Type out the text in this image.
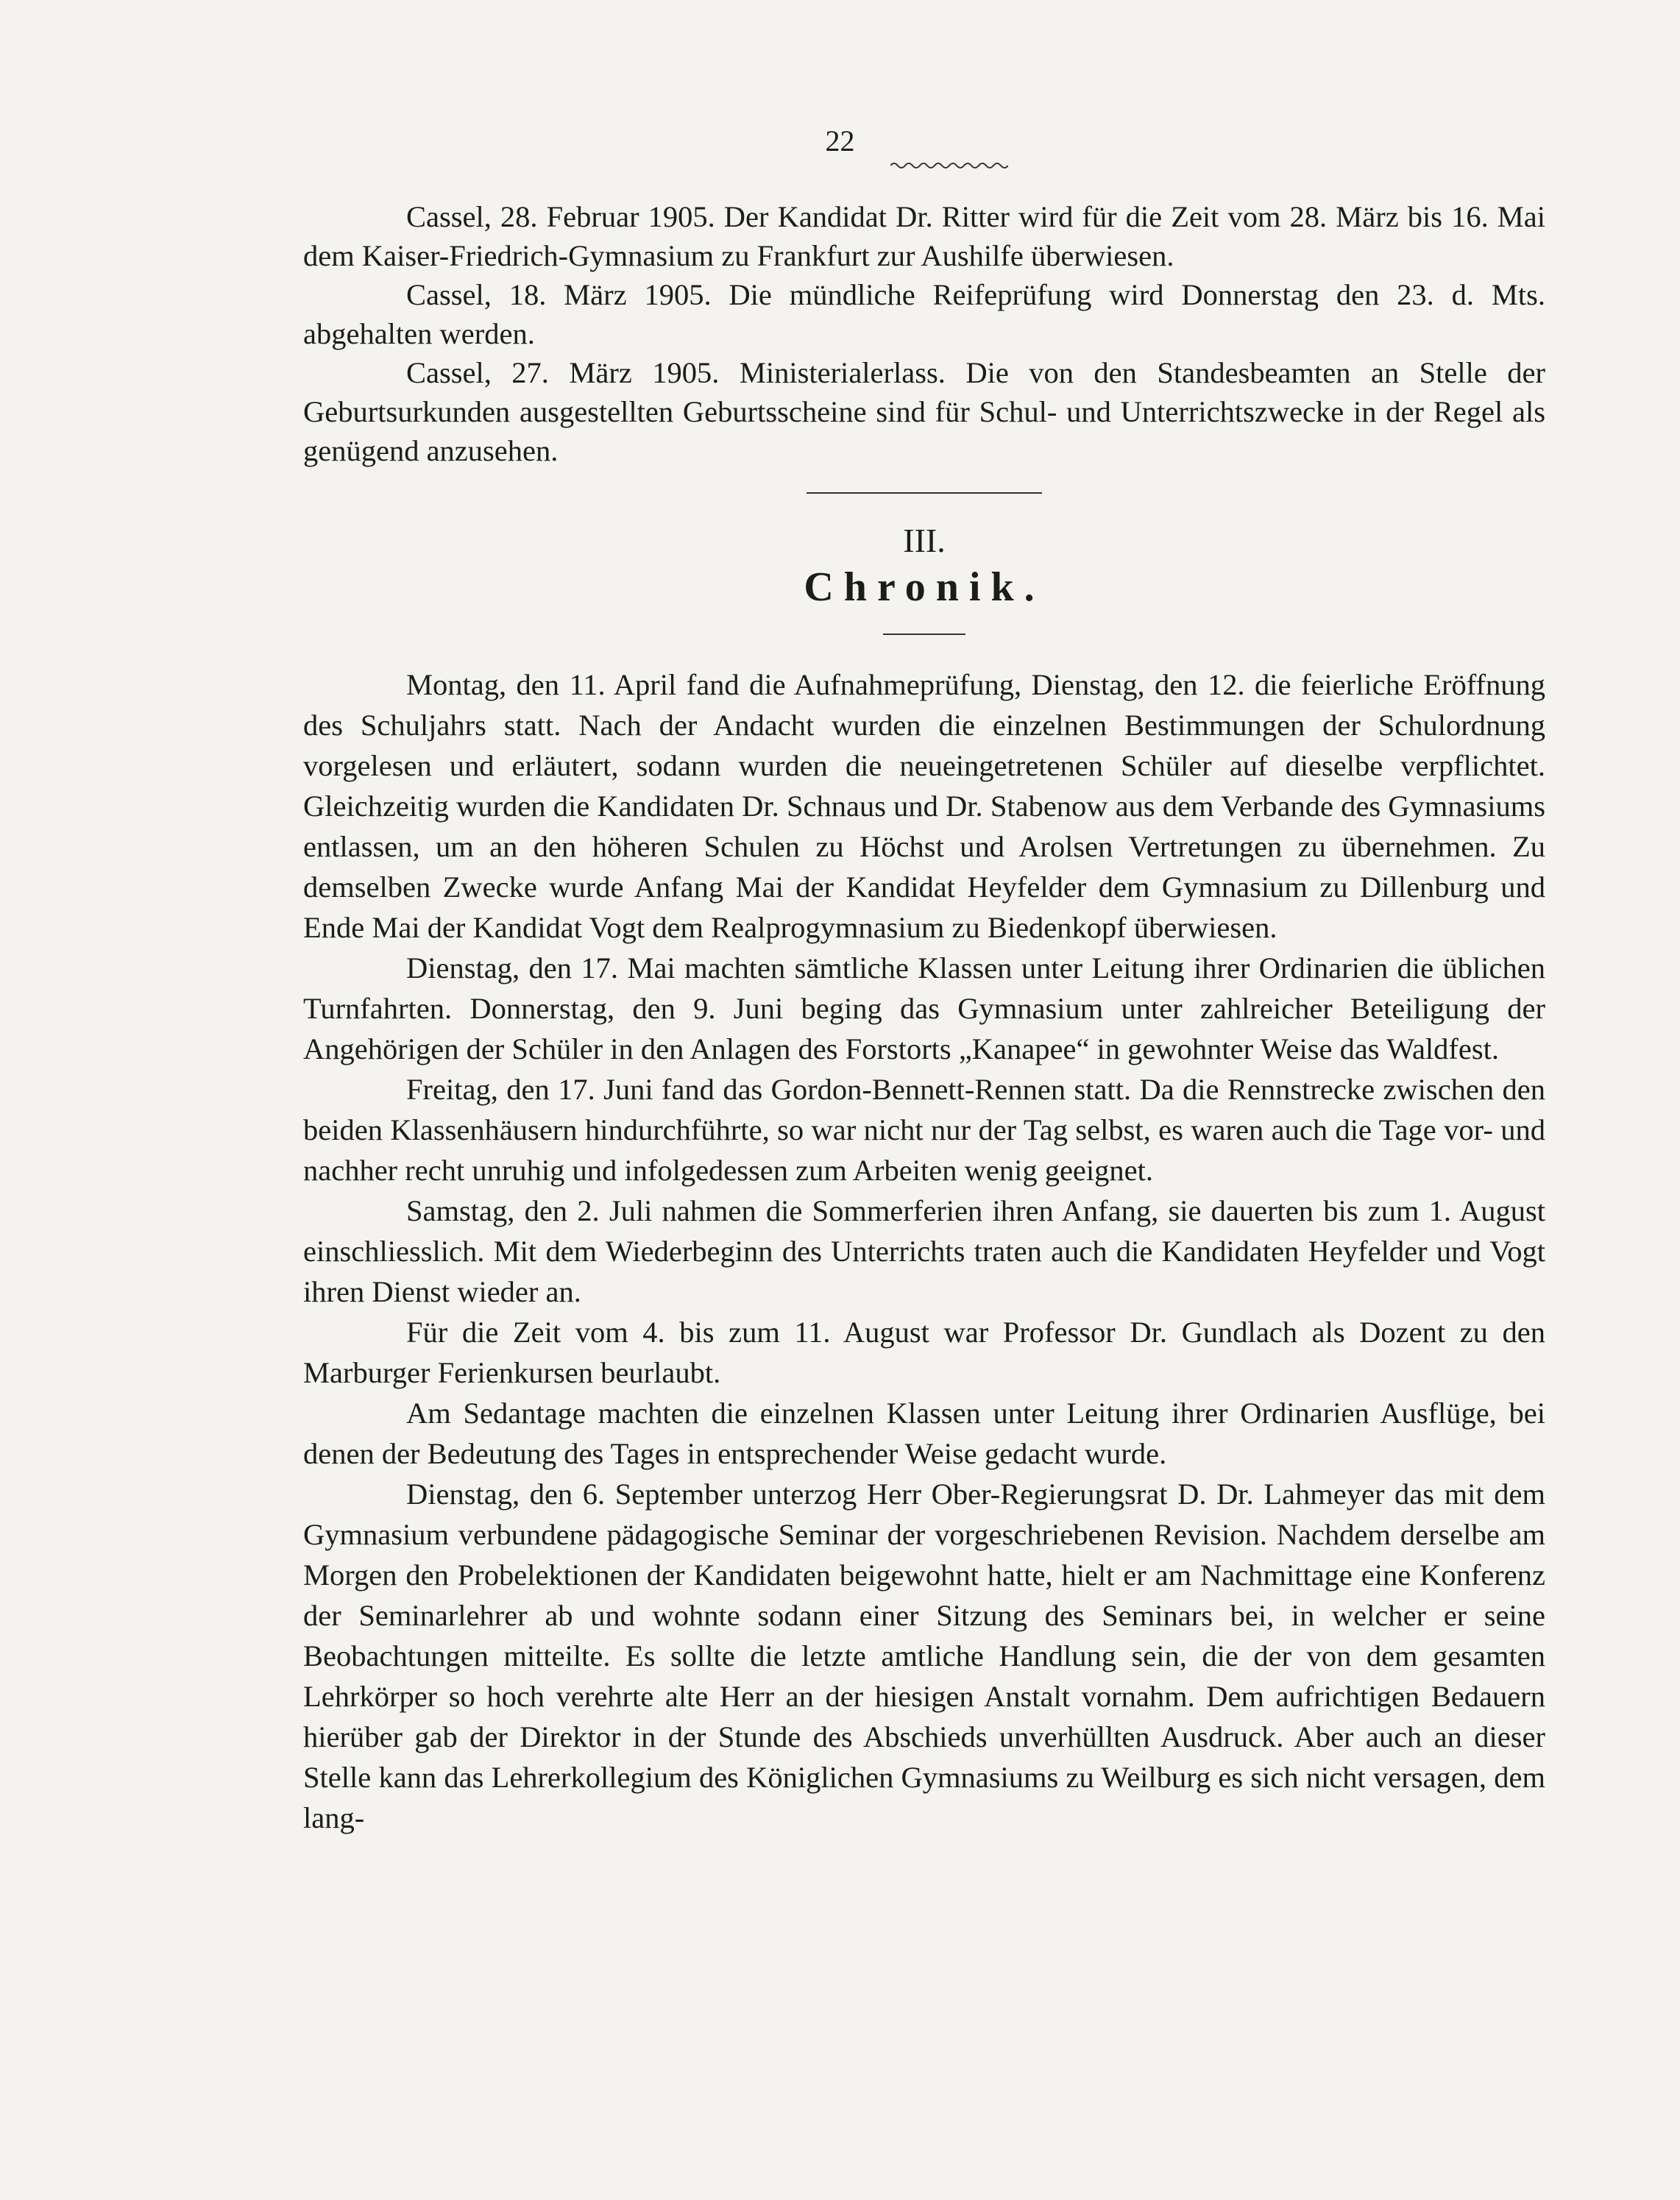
22

Cassel, 28. Februar 1905. Der Kandidat Dr. Ritter wird für die Zeit vom 28. März bis 16. Mai dem Kaiser-Friedrich-Gymnasium zu Frankfurt zur Aushilfe überwiesen.

Cassel, 18. März 1905. Die mündliche Reifeprüfung wird Donnerstag den 23. d. Mts. abgehalten werden.

Cassel, 27. März 1905. Ministerialerlass. Die von den Standesbeamten an Stelle der Geburtsurkunden ausgestellten Geburtsscheine sind für Schul- und Unterrichtszwecke in der Regel als genügend anzusehen.

III.
Chronik.

Montag, den 11. April fand die Aufnahmeprüfung, Dienstag, den 12. die feierliche Eröffnung des Schuljahrs statt. Nach der Andacht wurden die einzelnen Bestimmungen der Schulordnung vorgelesen und erläutert, sodann wurden die neueingetretenen Schüler auf dieselbe verpflichtet. Gleichzeitig wurden die Kandidaten Dr. Schnaus und Dr. Stabenow aus dem Verbande des Gymnasiums entlassen, um an den höheren Schulen zu Höchst und Arolsen Vertretungen zu übernehmen. Zu demselben Zwecke wurde Anfang Mai der Kandidat Heyfelder dem Gymnasium zu Dillenburg und Ende Mai der Kandidat Vogt dem Realprogymnasium zu Biedenkopf überwiesen.

Dienstag, den 17. Mai machten sämtliche Klassen unter Leitung ihrer Ordinarien die üblichen Turnfahrten. Donnerstag, den 9. Juni beging das Gymnasium unter zahlreicher Beteiligung der Angehörigen der Schüler in den Anlagen des Forstorts „Kanapee“ in gewohnter Weise das Waldfest.

Freitag, den 17. Juni fand das Gordon-Bennett-Rennen statt. Da die Rennstrecke zwischen den beiden Klassenhäusern hindurchführte, so war nicht nur der Tag selbst, es waren auch die Tage vor- und nachher recht unruhig und infolgedessen zum Arbeiten wenig geeignet.

Samstag, den 2. Juli nahmen die Sommerferien ihren Anfang, sie dauerten bis zum 1. August einschliesslich. Mit dem Wiederbeginn des Unterrichts traten auch die Kandidaten Heyfelder und Vogt ihren Dienst wieder an.

Für die Zeit vom 4. bis zum 11. August war Professor Dr. Gundlach als Dozent zu den Marburger Ferienkursen beurlaubt.

Am Sedantage machten die einzelnen Klassen unter Leitung ihrer Ordinarien Ausflüge, bei denen der Bedeutung des Tages in entsprechender Weise gedacht wurde.

Dienstag, den 6. September unterzog Herr Ober-Regierungsrat D. Dr. Lahmeyer das mit dem Gymnasium verbundene pädagogische Seminar der vorgeschriebenen Revision. Nachdem derselbe am Morgen den Probelektionen der Kandidaten beigewohnt hatte, hielt er am Nachmittage eine Konferenz der Seminarlehrer ab und wohnte sodann einer Sitzung des Seminars bei, in welcher er seine Beobachtungen mitteilte. Es sollte die letzte amtliche Handlung sein, die der von dem gesamten Lehrkörper so hoch verehrte alte Herr an der hiesigen Anstalt vornahm. Dem aufrichtigen Bedauern hierüber gab der Direktor in der Stunde des Abschieds unverhüllten Ausdruck. Aber auch an dieser Stelle kann das Lehrerkollegium des Königlichen Gymnasiums zu Weilburg es sich nicht versagen, dem lang-
